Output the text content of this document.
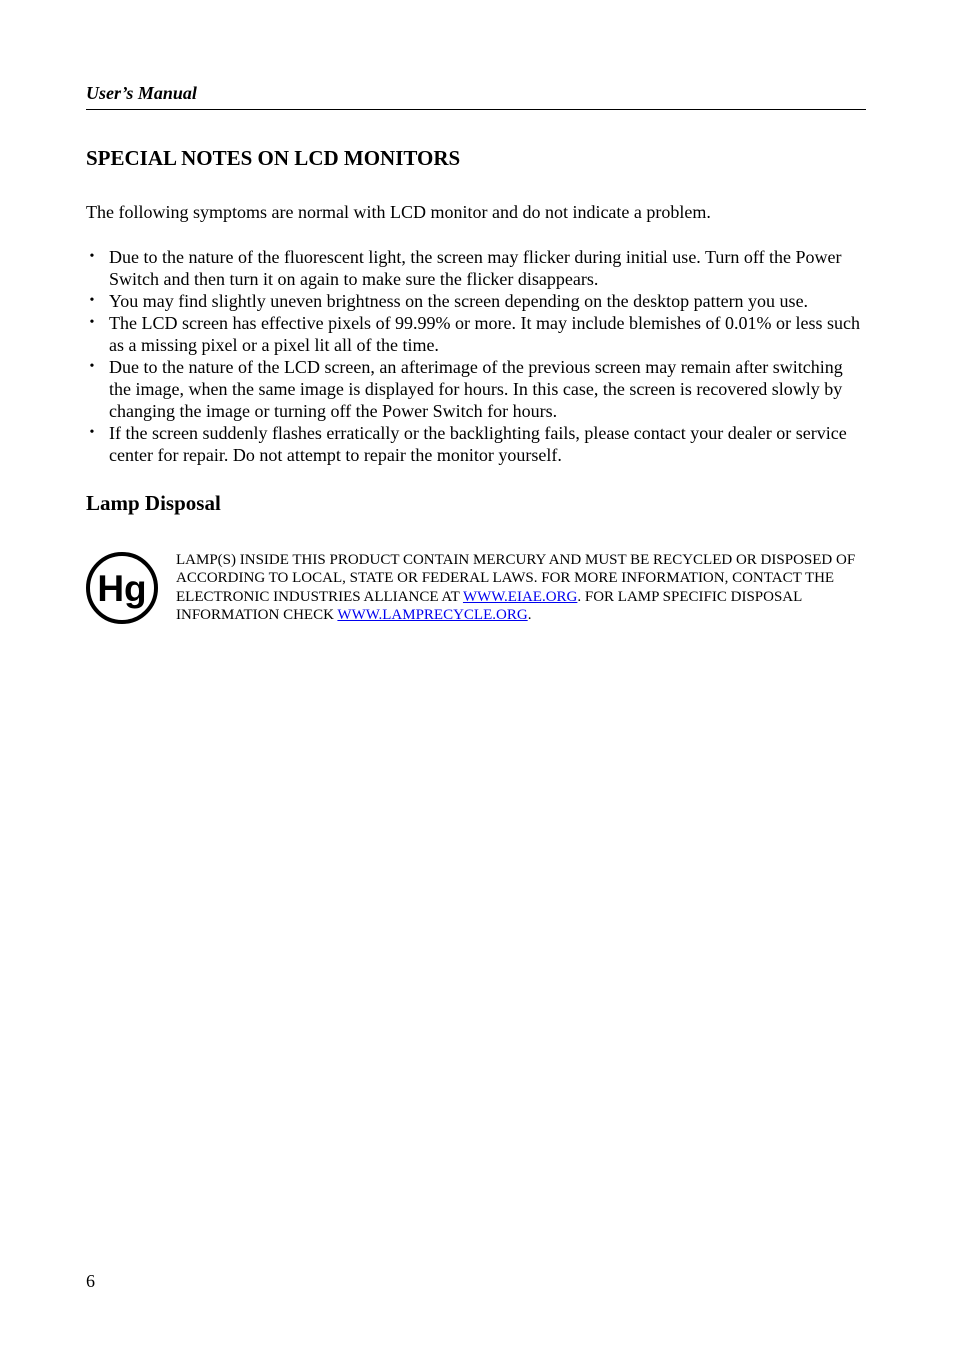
User’s Manual
SPECIAL NOTES ON LCD MONITORS

The following symptoms are normal with LCD monitor and do not indicate a problem.

• Due to the nature of the fluorescent light, the screen may flicker during initial use. Turn off the Power Switch and then turn it on again to make sure the flicker disappears.
• You may find slightly uneven brightness on the screen depending on the desktop pattern you use.
• The LCD screen has effective pixels of 99.99% or more. It may include blemishes of 0.01% or less such as a missing pixel or a pixel lit all of the time.
• Due to the nature of the LCD screen, an afterimage of the previous screen may remain after switching the image, when the same image is displayed for hours. In this case, the screen is recovered slowly by changing the image or turning off the Power Switch for hours.
• If the screen suddenly flashes erratically or the backlighting fails, please contact your dealer or service center for repair. Do not attempt to repair the monitor yourself.
Lamp Disposal
Hg

LAMP(S) INSIDE THIS PRODUCT CONTAIN MERCURY AND MUST BE RECYCLED OR DISPOSED OF ACCORDING TO LOCAL, STATE OR FEDERAL LAWS. FOR MORE INFORMATION, CONTACT THE ELECTRONIC INDUSTRIES ALLIANCE AT WWW.EIAE.ORG. FOR LAMP SPECIFIC DISPOSAL INFORMATION CHECK WWW.LAMPRECYCLE.ORG.

6
